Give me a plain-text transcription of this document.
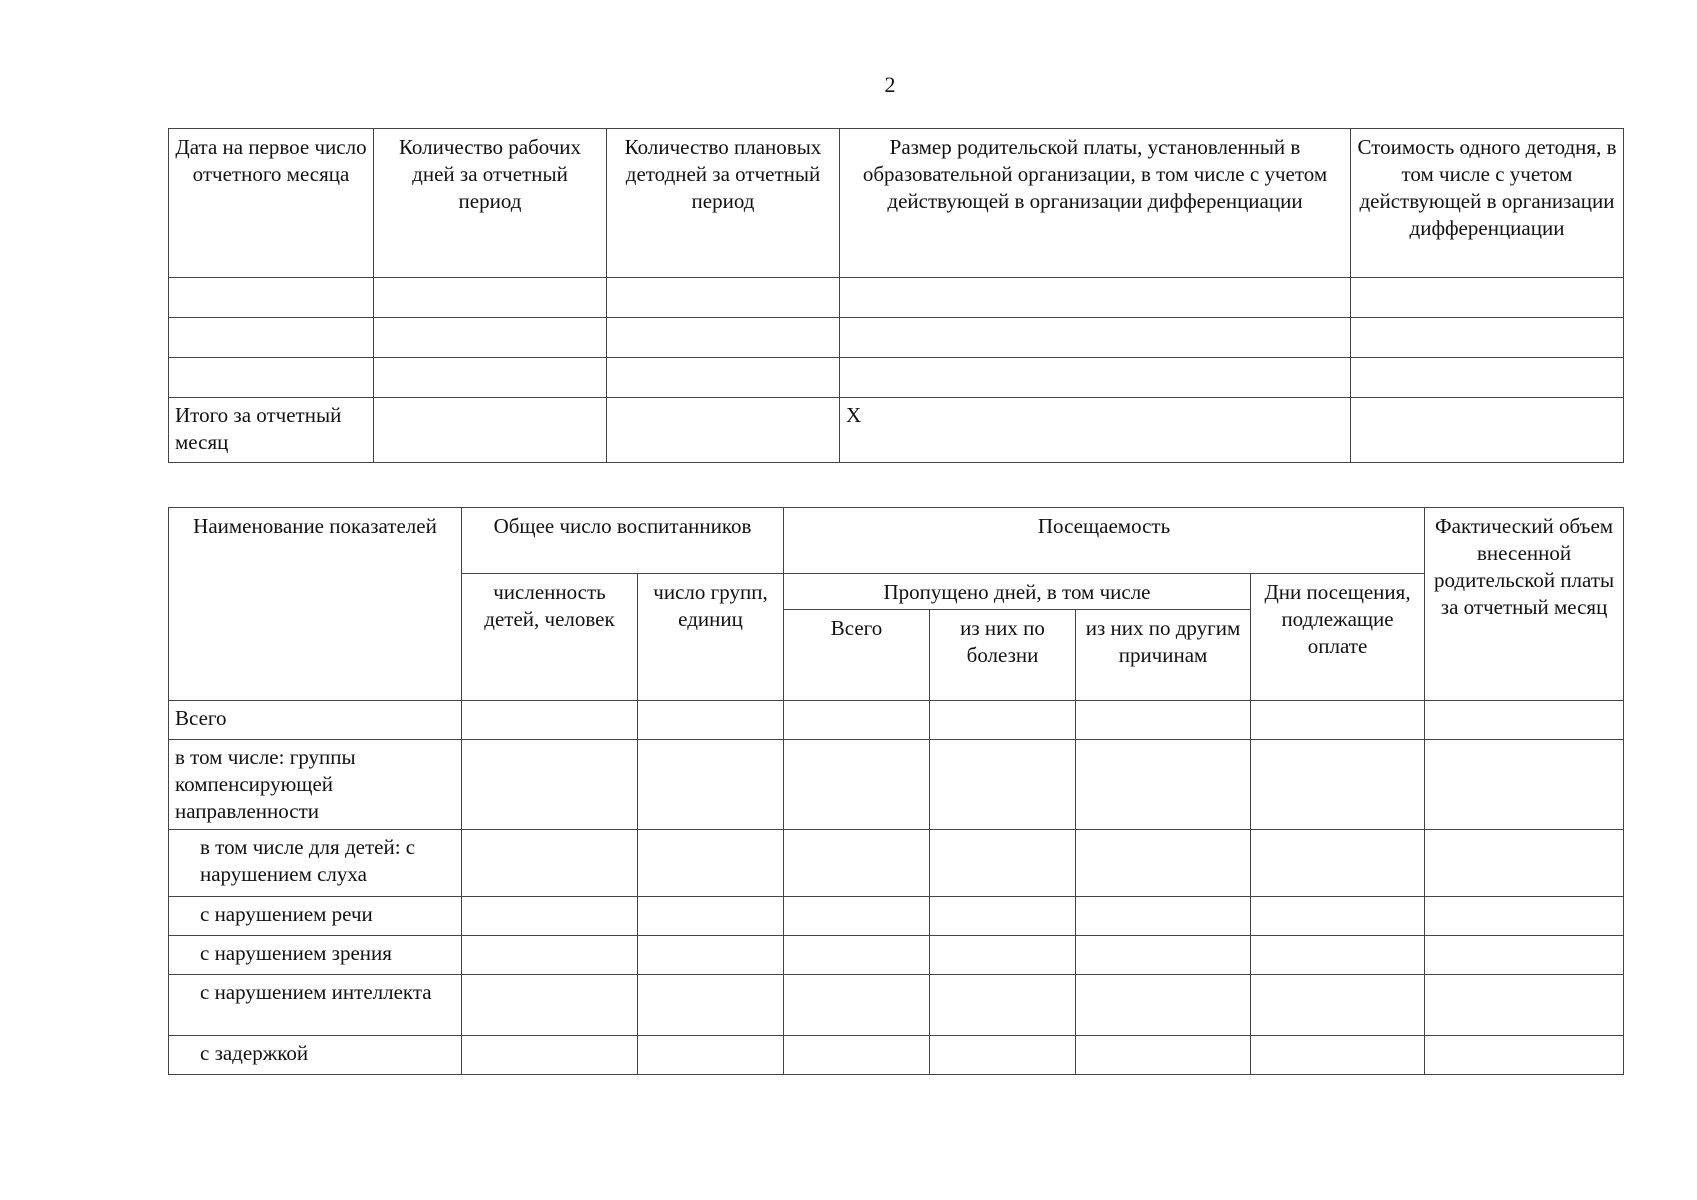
2
Дата на первое число отчетного месяца	Количество рабочих дней за отчетный период	Количество плановых детодней за отчетный период	Размер родительской платы, установленный в образовательной организации, в том числе с учетом действующей в организации дифференциации	Стоимость одного детодня, в том числе с учетом действующей в организации дифференциации

Итого за отчетный месяц			X	
Наименование показателей	Общее число воспитанников		Посещаемость				Фактический объем внесенной родительской платы за отчетный месяц
	численность детей, человек	число групп, единиц	Пропущено дней, в том числе			Дни посещения, подлежащие оплате	
			Всего	из них по болезни	из них по другим причинам		
Всего							
в том числе: группы компенсирующей направленности							
в том числе для детей: с нарушением слуха							
с нарушением речи							
с нарушением зрения							
с нарушением интеллекта							
с задержкой							
